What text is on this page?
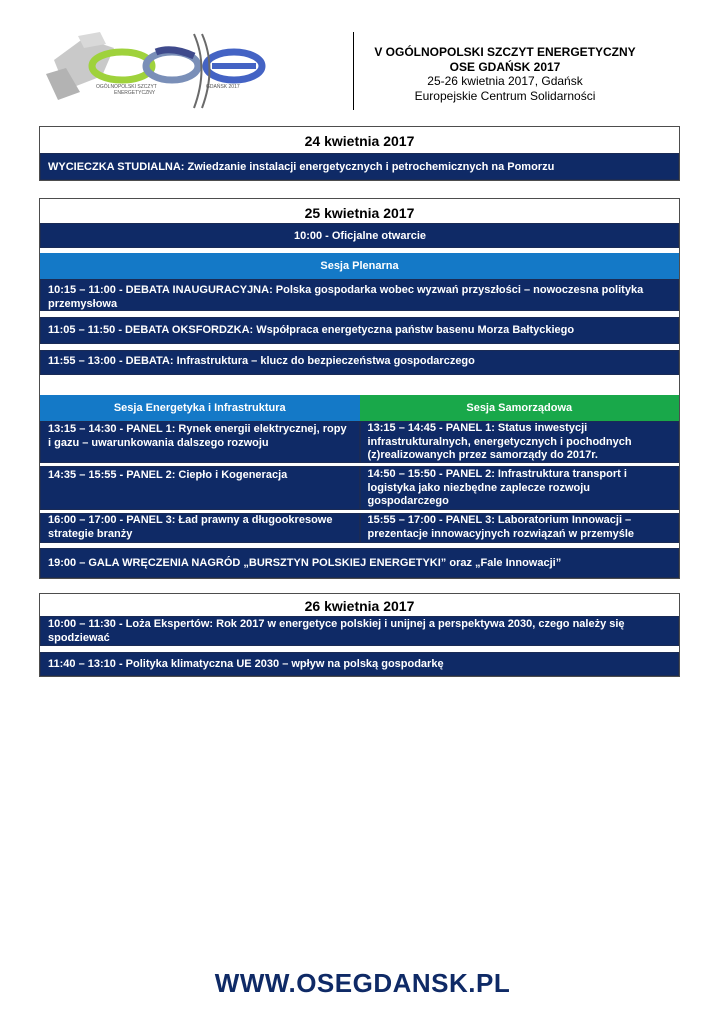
OGÓLNOPOLSKI SZCZYT
ENERGETYCZNY
GDAŃSK 2017
V OGÓLNOPOLSKI SZCZYT ENERGETYCZNY
OSE GDAŃSK 2017
25-26 kwietnia 2017, Gdańsk
Europejskie Centrum Solidarności
24 kwietnia 2017
WYCIECZKA STUDIALNA: Zwiedzanie instalacji energetycznych i petrochemicznych na Pomorzu
25 kwietnia 2017
10:00 - Oficjalne otwarcie
Sesja Plenarna
10:15 – 11:00 - DEBATA INAUGURACYJNA: Polska gospodarka wobec wyzwań przyszłości – nowoczesna polityka przemysłowa
11:05 – 11:50 - DEBATA OKSFORDZKA: Współpraca energetyczna państw basenu Morza Bałtyckiego
11:55 – 13:00 - DEBATA: Infrastruktura – klucz do bezpieczeństwa gospodarczego
Sesja Energetyka i Infrastruktura
13:15 – 14:30 - PANEL 1: Rynek energii elektrycznej, ropy i gazu – uwarunkowania dalszego rozwoju
14:35 – 15:55 - PANEL 2: Ciepło i Kogeneracja
16:00 – 17:00 - PANEL 3: Ład prawny a długookresowe strategie branży
Sesja Samorządowa
13:15 – 14:45 - PANEL 1: Status inwestycji infrastrukturalnych, energetycznych i pochodnych (z)realizowanych przez samorządy do 2017r.
14:50 – 15:50 - PANEL 2: Infrastruktura transport i logistyka jako niezbędne zaplecze rozwoju gospodarczego
15:55 – 17:00 - PANEL 3: Laboratorium Innowacji – prezentacje innowacyjnych rozwiązań w przemyśle
19:00 – GALA WRĘCZENIA NAGRÓD „BURSZTYN POLSKIEJ ENERGETYKI” oraz „Fale Innowacji”
26 kwietnia 2017
10:00 – 11:30 - Loża Ekspertów: Rok 2017 w energetyce polskiej i unijnej a perspektywa 2030, czego należy się spodziewać
11:40 – 13:10 - Polityka klimatyczna UE 2030 – wpływ na polską gospodarkę
WWW.OSEGDANSK.PL
